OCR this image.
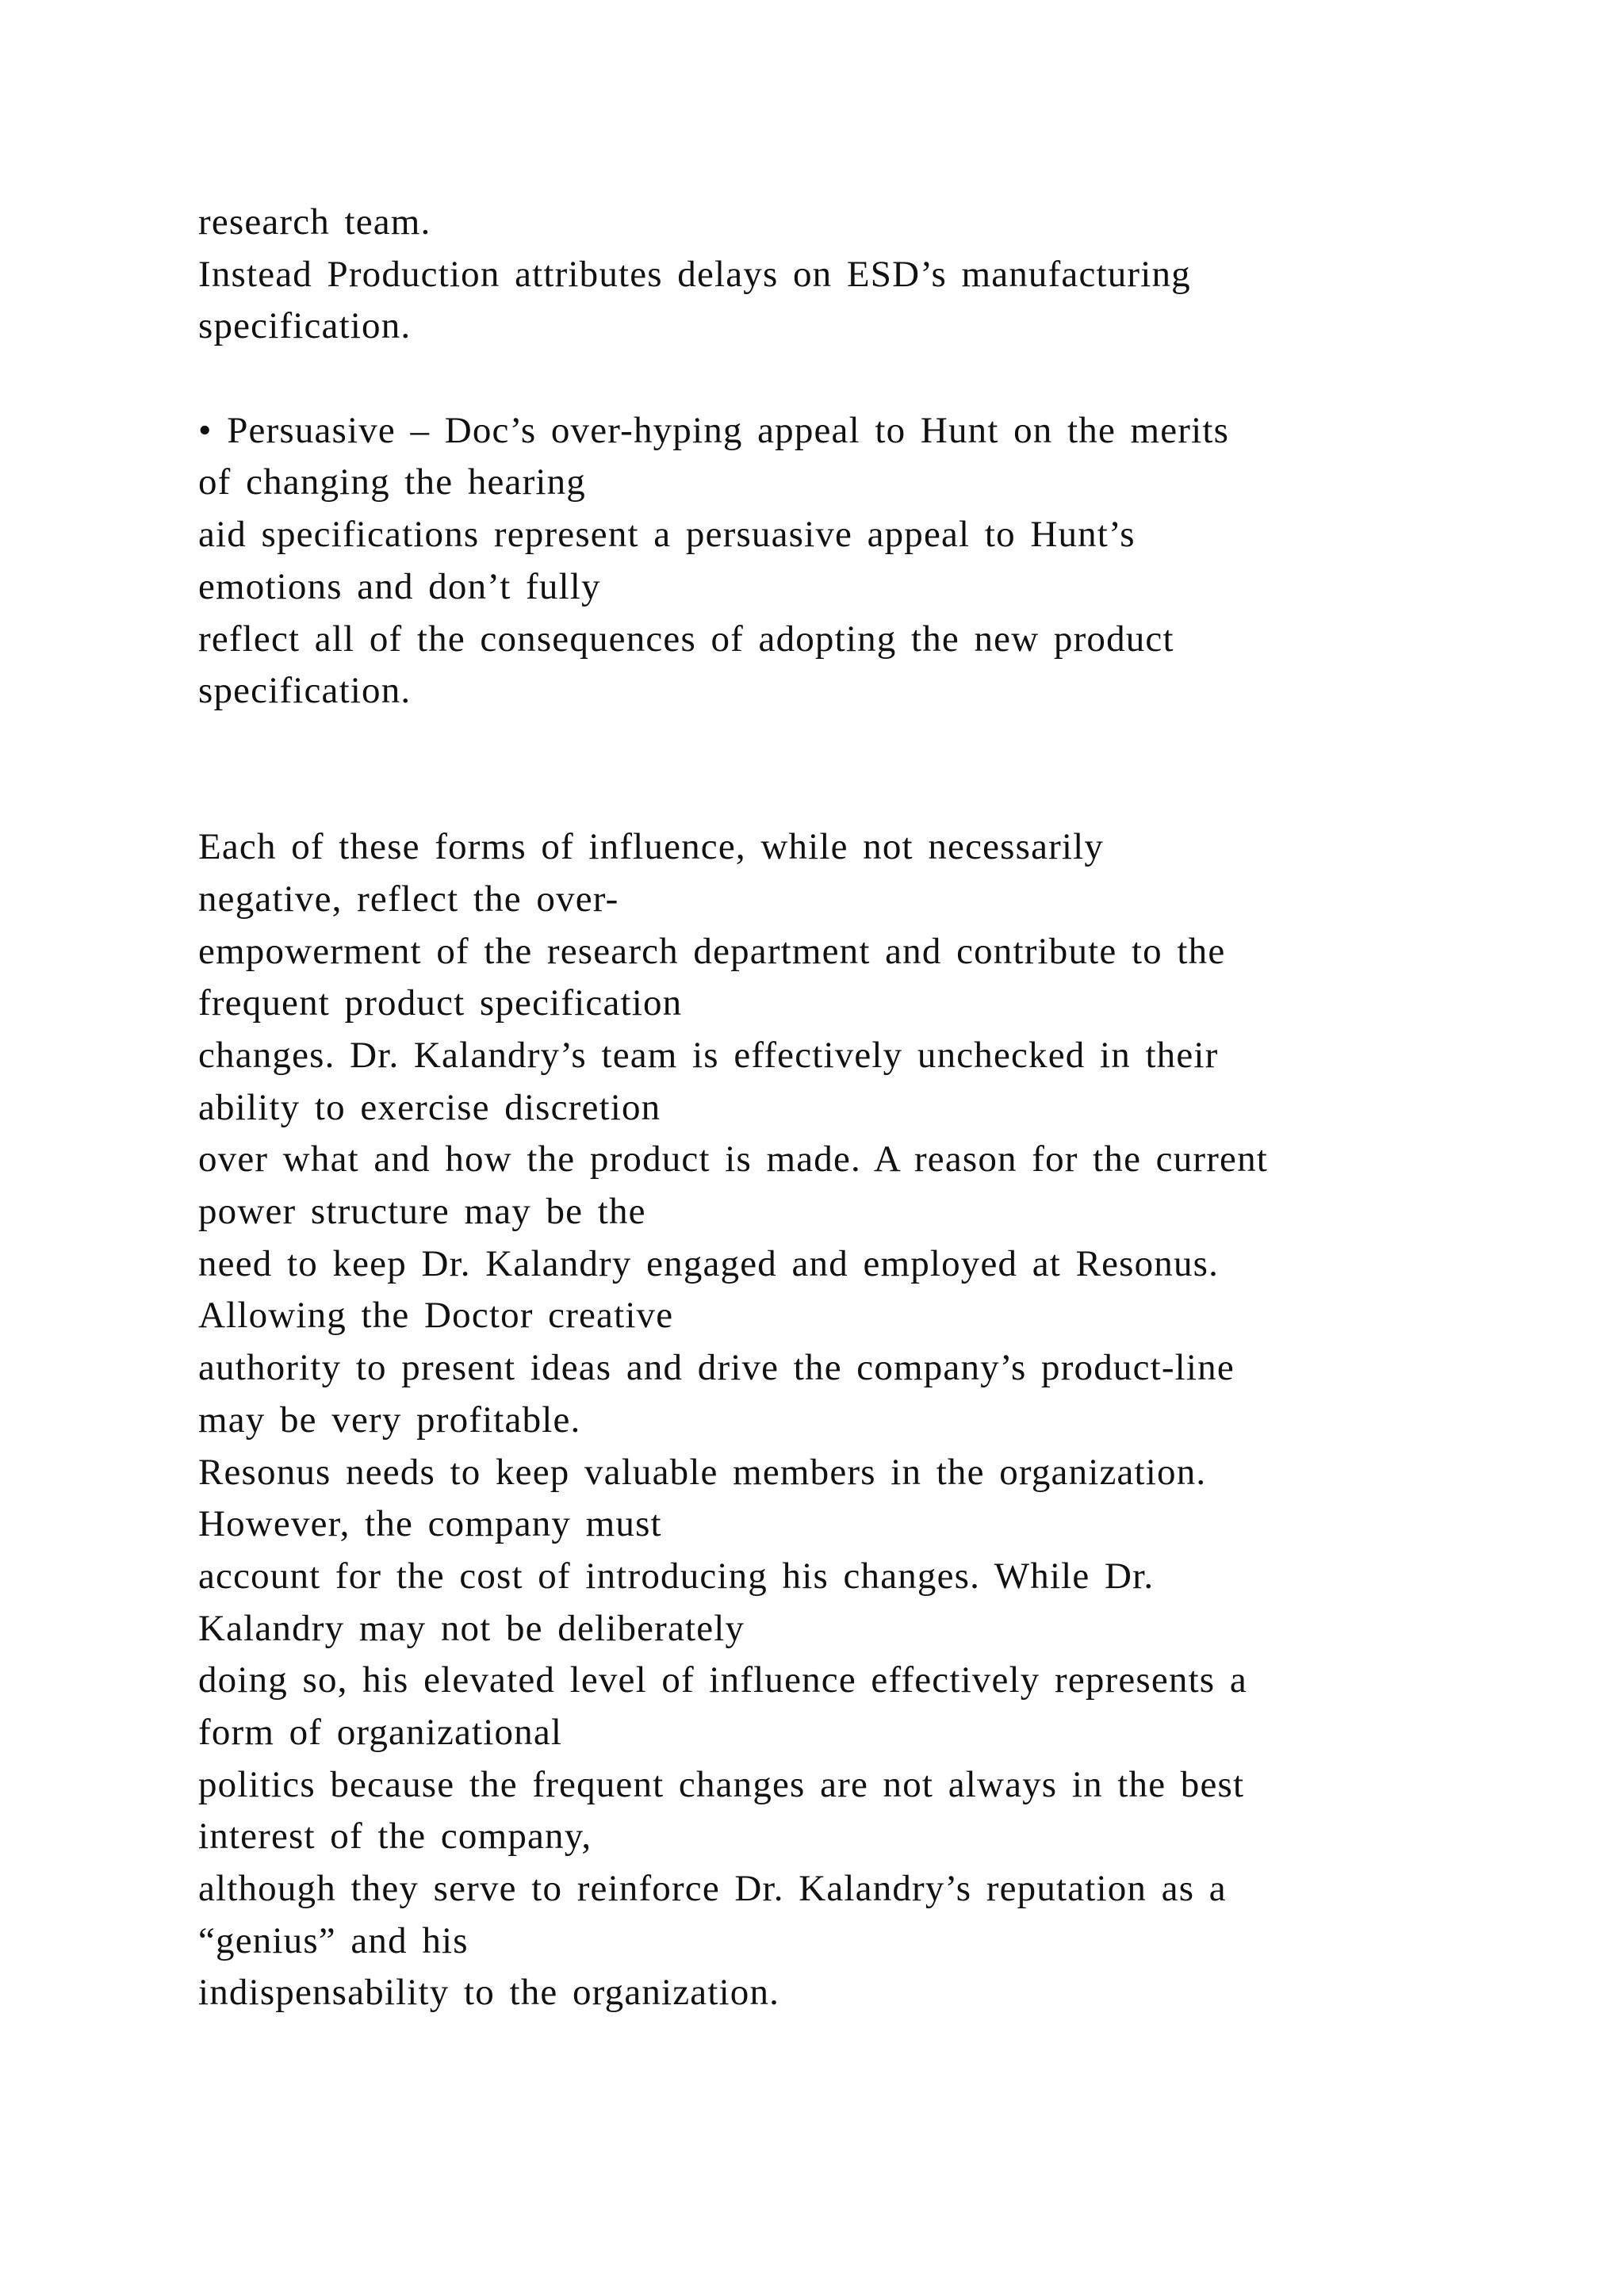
research team.
Instead Production attributes delays on ESD’s manufacturing
specification.
• Persuasive – Doc’s over-hyping appeal to Hunt on the merits
of changing the hearing
aid specifications represent a persuasive appeal to Hunt’s
emotions and don’t fully
reflect all of the consequences of adopting the new product
specification.
Each of these forms of influence, while not necessarily
negative, reflect the over-
empowerment of the research department and contribute to the
frequent product specification
changes. Dr. Kalandry’s team is effectively unchecked in their
ability to exercise discretion
over what and how the product is made. A reason for the current
power structure may be the
need to keep Dr. Kalandry engaged and employed at Resonus.
Allowing the Doctor creative
authority to present ideas and drive the company’s product-line
may be very profitable.
Resonus needs to keep valuable members in the organization.
However, the company must
account for the cost of introducing his changes. While Dr.
Kalandry may not be deliberately
doing so, his elevated level of influence effectively represents a
form of organizational
politics because the frequent changes are not always in the best
interest of the company,
although they serve to reinforce Dr. Kalandry’s reputation as a
“genius” and his
indispensability to the organization.
